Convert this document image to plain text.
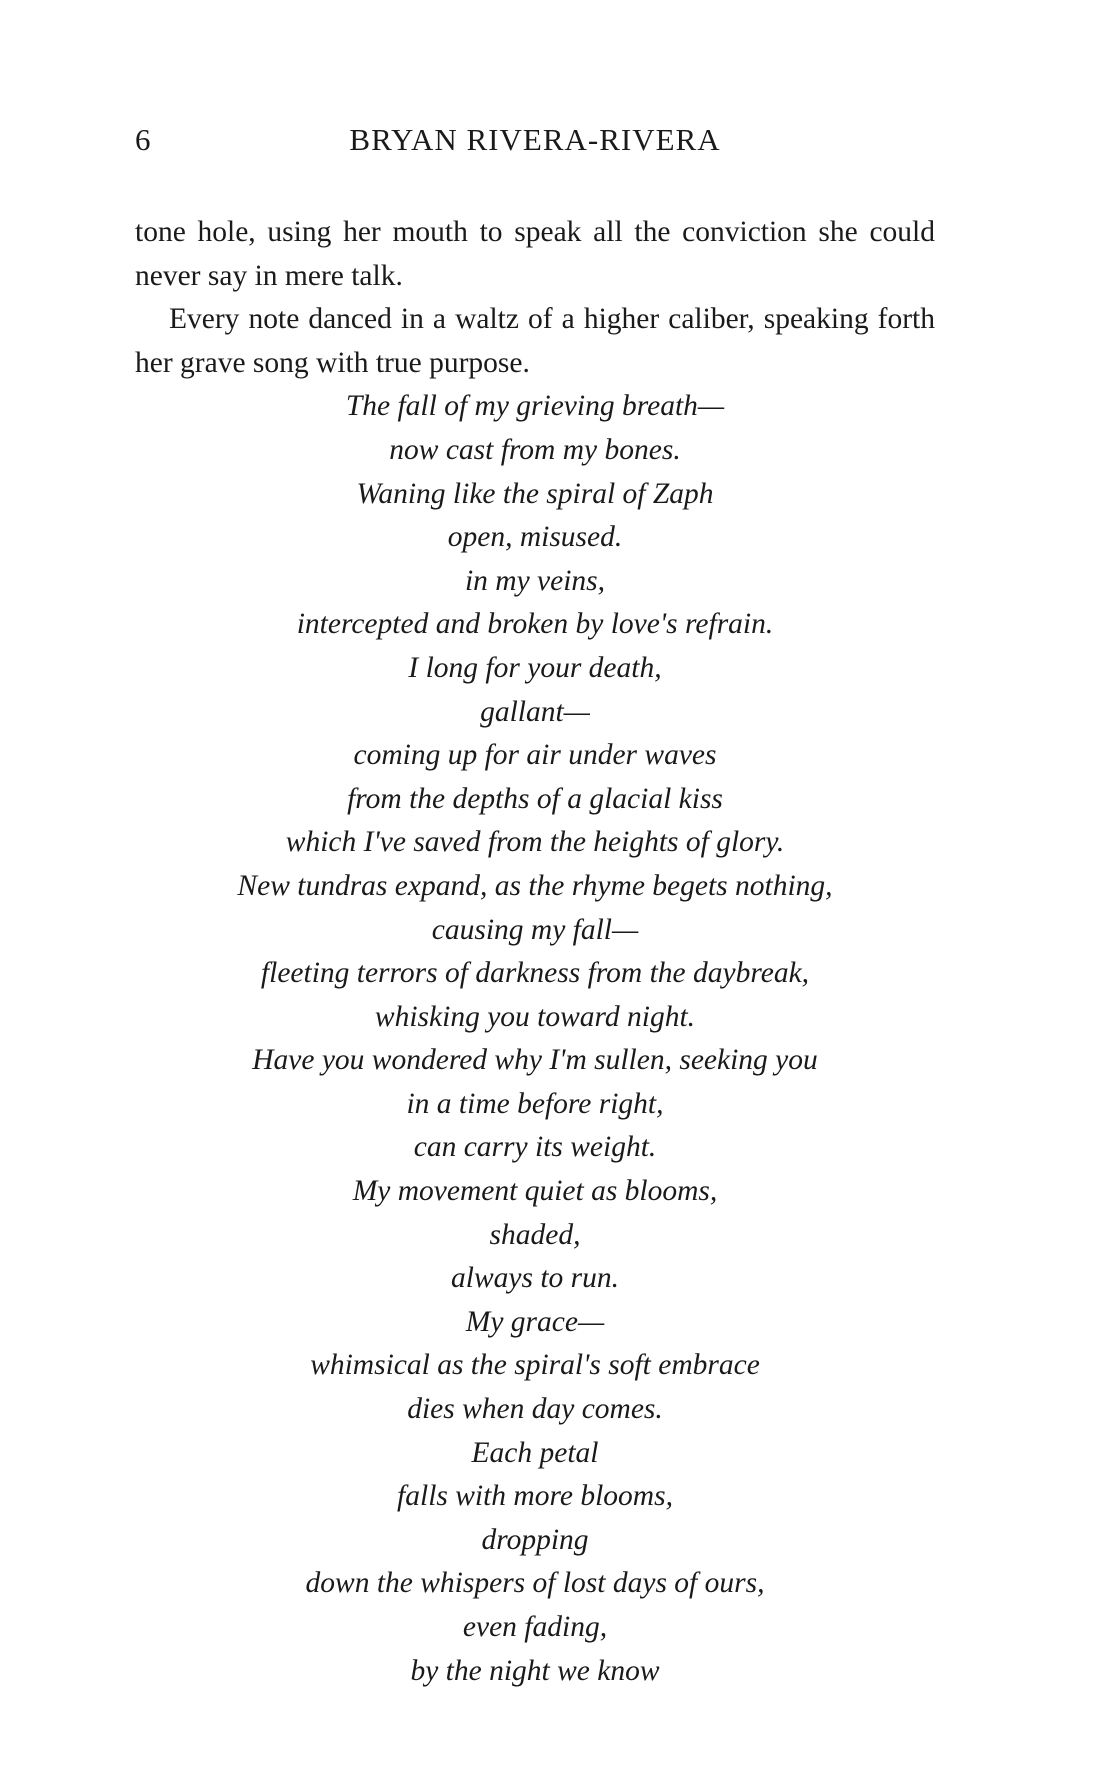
6	BRYAN RIVERA-RIVERA

tone hole, using her mouth to speak all the conviction she could never say in mere talk.

Every note danced in a waltz of a higher caliber, speaking forth her grave song with true purpose.

The fall of my grieving breath—
now cast from my bones.
Waning like the spiral of Zaph
open, misused.
in my veins,
intercepted and broken by love's refrain.
I long for your death,
gallant—
coming up for air under waves
from the depths of a glacial kiss
which I've saved from the heights of glory.
New tundras expand, as the rhyme begets nothing,
causing my fall—
fleeting terrors of darkness from the daybreak,
whisking you toward night.
Have you wondered why I'm sullen, seeking you
in a time before right,
can carry its weight.
My movement quiet as blooms,
shaded,
always to run.
My grace—
whimsical as the spiral's soft embrace
dies when day comes.
Each petal
falls with more blooms,
dropping
down the whispers of lost days of ours,
even fading,
by the night we know
